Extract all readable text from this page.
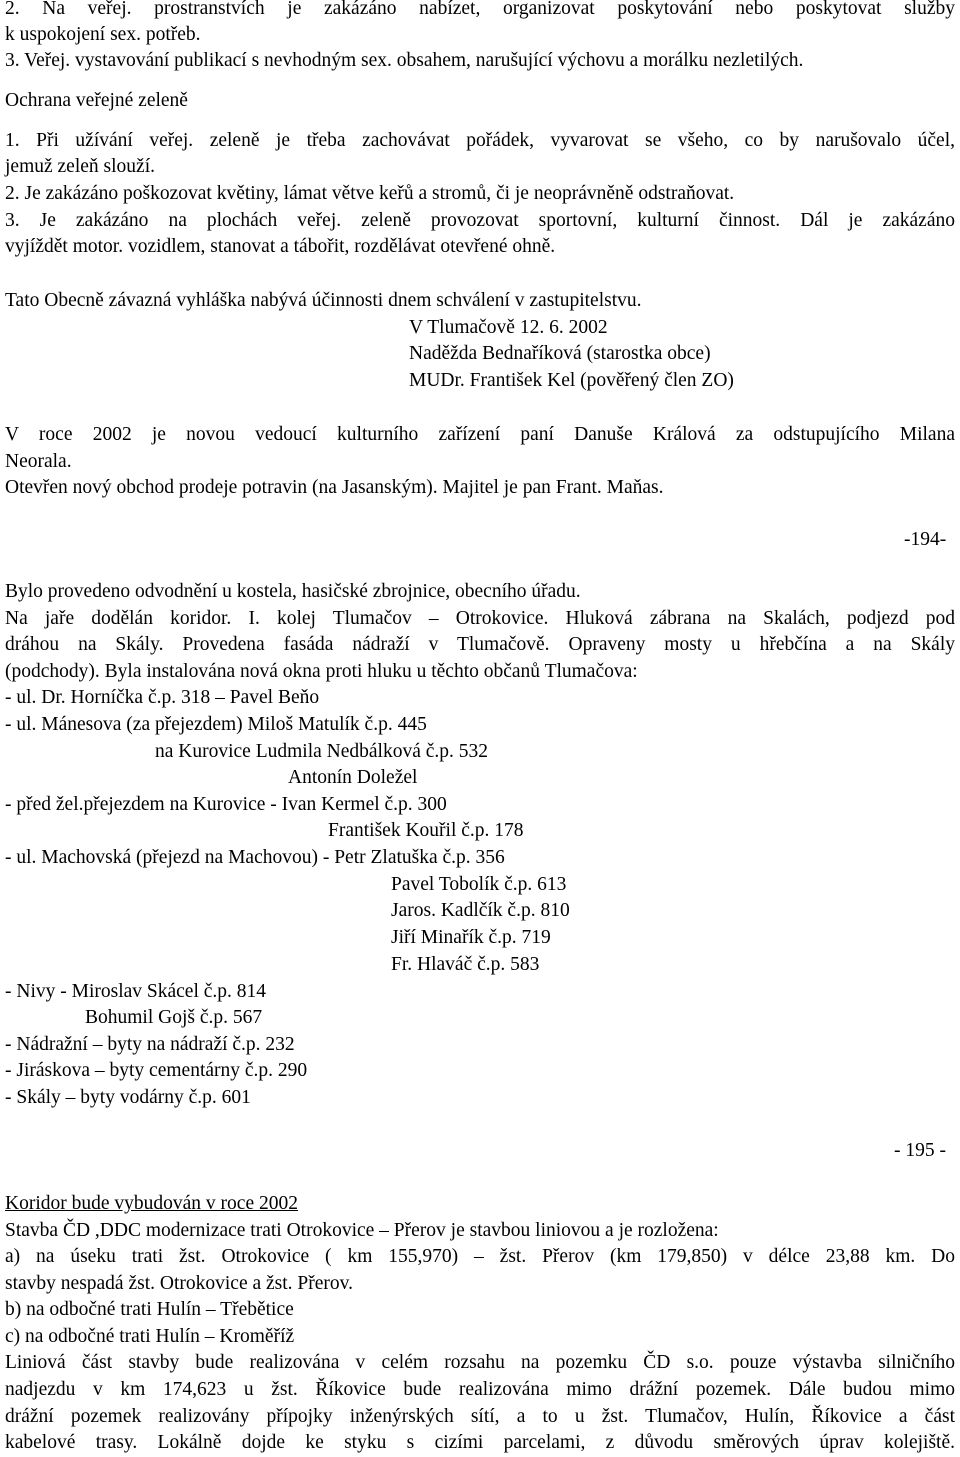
2. Na veřej. prostranstvích je zakázáno nabízet, organizovat poskytování nebo poskytovat služby
k uspokojení sex. potřeb.
3. Veřej. vystavování publikací s nevhodným sex. obsahem, narušující výchovu a morálku nezletilých.
Ochrana veřejné zeleně
1. Při užívání veřej. zeleně je třeba zachovávat pořádek, vyvarovat se všeho, co by narušovalo účel,
jemuž zeleň slouží.
2. Je zakázáno poškozovat květiny, lámat větve keřů a stromů, či je neoprávněně odstraňovat.
3. Je zakázáno na plochách veřej. zeleně provozovat sportovní, kulturní činnost. Dál je zakázáno
vyjíždět motor. vozidlem, stanovat a tábořit, rozdělávat otevřené ohně.
Tato Obecně závazná vyhláška nabývá účinnosti dnem schválení v zastupitelstvu.
V Tlumačově 12. 6. 2002
Naděžda Bednaříková (starostka obce)
MUDr. František Kel (pověřený člen ZO)
V roce 2002 je novou vedoucí kulturního zařízení paní Danuše Králová za odstupujícího Milana
Neorala.
Otevřen nový obchod prodeje potravin (na Jasanským). Majitel je pan Frant. Maňas.
-194-
Bylo provedeno odvodnění u kostela, hasičské zbrojnice, obecního úřadu.
Na jaře dodělán koridor. I. kolej Tlumačov – Otrokovice. Hluková zábrana na Skalách, podjezd pod
dráhou na Skály. Provedena fasáda nádraží v Tlumačově. Opraveny mosty u hřebčína a na Skály
(podchody). Byla instalována nová okna proti hluku u těchto občanů Tlumačova:
- ul. Dr. Horníčka č.p. 318 – Pavel Beňo
- ul. Mánesova (za přejezdem) Miloš Matulík č.p. 445
na Kurovice Ludmila Nedbálková č.p. 532
Antonín Doležel
- před žel.přejezdem na Kurovice - Ivan Kermel č.p. 300
František Kouřil č.p. 178
- ul. Machovská (přejezd na Machovou) - Petr Zlatuška č.p. 356
Pavel Tobolík č.p. 613
Jaros. Kadlčík č.p. 810
Jiří Minařík č.p. 719
Fr. Hlaváč č.p. 583
- Nivy - Miroslav Skácel č.p. 814
Bohumil Gojš č.p. 567
- Nádražní – byty na nádraží č.p. 232
- Jiráskova – byty cementárny č.p. 290
- Skály – byty vodárny č.p. 601
- 195 -
Koridor bude vybudován v roce 2002
Stavba ČD ,DDC modernizace trati Otrokovice – Přerov je stavbou liniovou a je rozložena:
a) na úseku trati žst. Otrokovice ( km 155,970) – žst. Přerov (km 179,850) v délce 23,88 km. Do
stavby nespadá žst. Otrokovice a žst. Přerov.
b) na odbočné trati Hulín – Třebětice
c) na odbočné trati Hulín – Kroměříž
Liniová část stavby bude realizována v celém rozsahu na pozemku ČD s.o. pouze výstavba silničního
nadjezdu v km 174,623 u žst. Říkovice bude realizována mimo drážní pozemek. Dále budou mimo
drážní pozemek realizovány přípojky inženýrských sítí, a to u žst. Tlumačov, Hulín, Říkovice a část
kabelové trasy. Lokálně dojde ke styku s cizími parcelami, z důvodu směrových úprav kolejiště.
